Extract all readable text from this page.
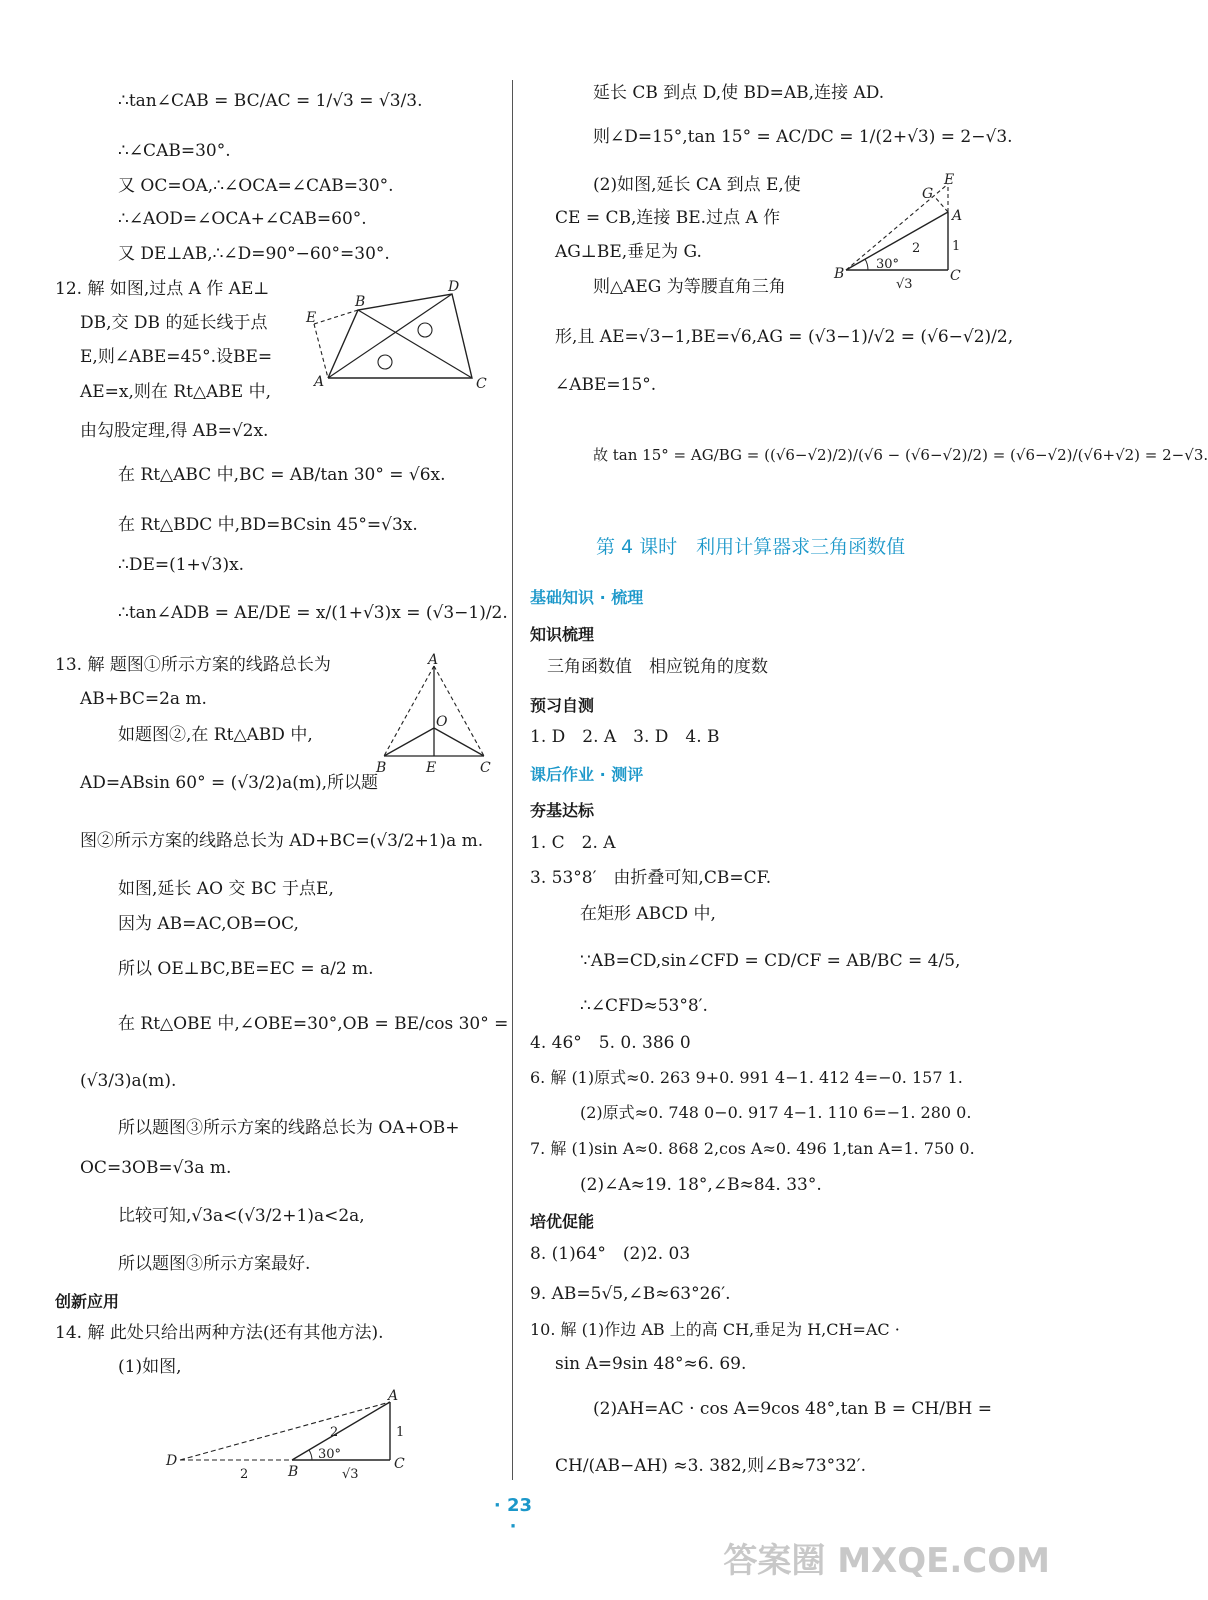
∴tan∠CAB = BC/AC = 1/√3 = √3/3.
∴∠CAB=30°.
又 OC=OA,∴∠OCA=∠CAB=30°.
∴∠AOD=∠OCA+∠CAB=60°.
又 DE⊥AB,∴∠D=90°−60°=30°.
12. 解 如图,过点 A 作 AE⊥
DB,交 DB 的延长线于点
E,则∠ABE=45°.设BE=
AE=x,则在 Rt△ABE 中,
由勾股定理,得 AB=√2x.
在 Rt△ABC 中,BC = AB/tan 30° = √6x.
在 Rt△BDC 中,BD=BCsin 45°=√3x.
∴DE=(1+√3)x.
∴tan∠ADB = AE/DE = x/(1+√3)x = (√3−1)/2.
13. 解 题图①所示方案的线路总长为
AB+BC=2a m.
如题图②,在 Rt△ABD 中,
AD=ABsin 60° = (√3/2)a(m),所以题
图②所示方案的线路总长为 AD+BC=(√3/2+1)a m.
如图,延长 AO 交 BC 于点E,
因为 AB=AC,OB=OC,
所以 OE⊥BC,BE=EC = a/2 m.
在 Rt△OBE 中,∠OBE=30°,OB = BE/cos 30° =
(√3/3)a(m).
所以题图③所示方案的线路总长为 OA+OB+
OC=3OB=√3a m.
比较可知,√3a<(√3/2+1)a<2a,
所以题图③所示方案最好.
创新应用
14. 解 此处只给出两种方法(还有其他方法).
(1)如图,
A
B
C
D
E
A
B	C
E
O
D
B	C
A
2
2	1
√3
30°
延长 CB 到点 D,使 BD=AB,连接 AD.
则∠D=15°,tan 15° = AC/DC = 1/(2+√3) = 2−√3.
(2)如图,延长 CA 到点 E,使
CE = CB,连接 BE.过点 A 作
AG⊥BE,垂足为 G.
则△AEG 为等腰直角三角
形,且 AE=√3−1,BE=√6,AG = (√3−1)/√2 = (√6−√2)/2,
∠ABE=15°.
故 tan 15° = AG/BG = ((√6−√2)/2)/(√6 − (√6−√2)/2) = (√6−√2)/(√6+√2) = 2−√3.
第 4 课时　利用计算器求三角函数值
基础知识 · 梳理
知识梳理
三角函数值　相应锐角的度数
预习自测
1. D　2. A　3. D　4. B
课后作业 · 测评
夯基达标
1. C　2. A
3. 53°8′　由折叠可知,CB=CF.
在矩形 ABCD 中,
∵AB=CD,sin∠CFD = CD/CF = AB/BC = 4/5,
∴∠CFD≈53°8′.
4. 46°　5. 0. 386 0
6. 解 (1)原式≈0. 263 9+0. 991 4−1. 412 4=−0. 157 1.
(2)原式≈0. 748 0−0. 917 4−1. 110 6=−1. 280 0.
7. 解 (1)sin A≈0. 868 2,cos A≈0. 496 1,tan A=1. 750 0.
(2)∠A≈19. 18°,∠B≈84. 33°.
培优促能
8. (1)64°　(2)2. 03
9. AB=5√5,∠B≈63°26′.
10. 解 (1)作边 AB 上的高 CH,垂足为 H,CH=AC ·
sin A=9sin 48°≈6. 69.
(2)AH=AC · cos A=9cos 48°,tan B = CH/BH =
CH/(AB−AH) ≈3. 382,则∠B≈73°32′.
A
B	C
E
G
2 1
√3
30°
· 23 ·
答案圈 MXQE.COM
